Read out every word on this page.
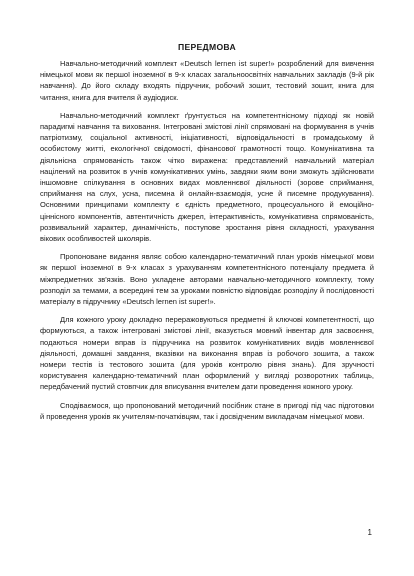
ПЕРЕДМОВА

Навчально-методичний комплект «Deutsch lernen ist super!» розроблений для вивчення німецької мови як першої іноземної в 9-х класах загальноосвітніх навчальних закладів (9-й рік навчання). До його складу входять підручник, робочий зошит, тестовий зошит, книга для читання, книга для вчителя й аудіодиск.

Навчально-методичний комплект ґрунтується на компетентнісному підході як новій парадигмі навчання та виховання. Інтегровані змістові лінії спрямовані на формування в учнів патріотизму, соціальної активності, ініціативності, відповідальності в громадському й особистому житті, екологічної свідомості, фінансової грамотності тощо. Комунікативна та діяльнісна спрямованість також чітко виражена: представлений навчальний матеріал націлений на розвиток в учнів комунікативних умінь, завдяки яким вони зможуть здійснювати іншомовне спілкування в основних видах мовленнєвої діяльності (зорове сприймання, сприймання на слух, усна, писемна й онлайн-взаємодія, усне й писемне продукування). Основними принципами комплекту є єдність предметного, процесуального й емоційно-ціннісного компонентів, автентичність джерел, інтерактивність, комунікативна спрямованість, розвивальний характер, динамічність, поступове зростання рівня складності, урахування вікових особливостей школярів.

Пропоноване видання являє собою календарно-тематичний план уроків німецької мови як першої іноземної в 9-х класах з урахуванням компетентнісного потенціалу предмета й міжпредметних зв'язків. Воно укладене авторами навчально-методичного комплекту, тому розподіл за темами, а всередині тем за уроками повністю відповідає розподілу й послідовності матеріалу в підручнику «Deutsch lernen ist super!».

Для кожного уроку докладно переражовуються предметні й ключові компетентності, що формуються, а також інтегровані змістові лінії, вказується мовний інвентар для засвоєння, подаються номери вправ із підручника на розвиток комунікативних видів мовленнєвої діяльності, домашні завдання, вказівки на виконання вправ із робочого зошита, а також номери тестів із тестового зошита (для уроків контролю рівня знань). Для зручності користування календарно-тематичний план оформлений у вигляді розворотних таблиць, передбачений пустий стовпчик для вписування вчителем дати проведення кожного уроку.

Сподіваємося, що пропонований методичний посібник стане в пригоді під час підготовки й проведення уроків як учителям-початківцям, так і досвідченим викладачам німецької мови.

1
